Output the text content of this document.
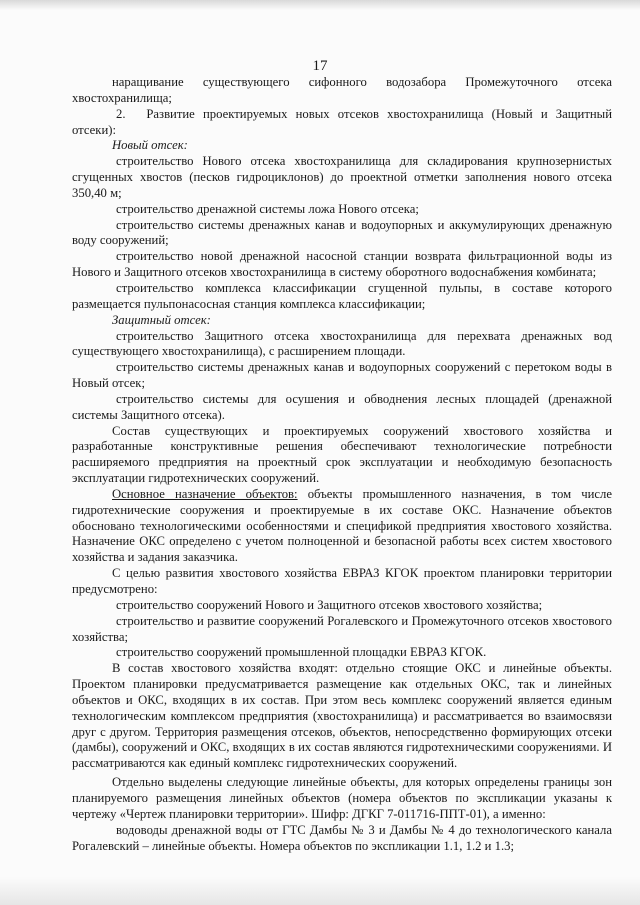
17

наращивание существующего сифонного водозабора Промежуточного отсека хвостохранилища;

2.  Развитие проектируемых новых отсеков хвостохранилища (Новый и Защитный отсеки):

Новый отсек:

строительство Нового отсека хвостохранилища для складирования крупнозернистых сгущенных хвостов (песков гидроциклонов) до проектной отметки заполнения нового отсека 350,40 м;

строительство дренажной системы ложа Нового отсека;

строительство системы дренажных канав и водоупорных и аккумулирующих дренажную воду сооружений;

строительство новой дренажной насосной станции возврата фильтрационной воды из Нового и Защитного отсеков хвостохранилища в систему оборотного водоснабжения комбината;

строительство комплекса классификации сгущенной пульпы, в составе которого размещается пульпонасосная станция комплекса классификации;

Защитный отсек:

строительство Защитного отсека хвостохранилища для перехвата дренажных вод существующего хвостохранилища), с расширением площади.

строительство системы дренажных канав и водоупорных сооружений с перетоком воды в Новый отсек;

строительство системы для осушения и обводнения лесных площадей (дренажной системы Защитного отсека).

Состав существующих и проектируемых сооружений хвостового хозяйства и разработанные конструктивные решения обеспечивают технологические потребности расширяемого предприятия на проектный срок эксплуатации и необходимую безопасность эксплуатации гидротехнических сооружений.

Основное назначение объектов: объекты промышленного назначения, в том числе гидротехнические сооружения и проектируемые в их составе ОКС. Назначение объектов обосновано технологическими особенностями и спецификой предприятия хвостового хозяйства. Назначение ОКС определено с учетом полноценной и безопасной работы всех систем хвостового хозяйства и задания заказчика.

С целью развития хвостового хозяйства ЕВРАЗ КГОК проектом планировки территории предусмотрено:

строительство сооружений Нового и Защитного отсеков хвостового хозяйства;

строительство и развитие сооружений Рогалевского и Промежуточного отсеков хвостового хозяйства;

строительство сооружений промышленной площадки ЕВРАЗ КГОК.

В состав хвостового хозяйства входят: отдельно стоящие ОКС и линейные объекты. Проектом планировки предусматривается размещение как отдельных ОКС, так и линейных объектов и ОКС, входящих в их состав. При этом весь комплекс сооружений является единым технологическим комплексом предприятия (хвостохранилища) и рассматривается во взаимосвязи друг с другом. Территория размещения отсеков, объектов, непосредственно формирующих отсеки (дамбы), сооружений и ОКС, входящих в их состав являются гидротехническими сооружениями. И рассматриваются как единый комплекс гидротехнических сооружений.

Отдельно выделены следующие линейные объекты, для которых определены границы зон планируемого размещения линейных объектов (номера объектов по экспликации указаны к чертежу «Чертеж планировки территории». Шифр: ДГКГ 7-011716-ППТ-01), а именно:

водоводы дренажной воды от ГТС Дамбы № 3 и Дамбы № 4 до технологического канала Рогалевский – линейные объекты. Номера объектов по экспликации 1.1, 1.2 и 1.3;
